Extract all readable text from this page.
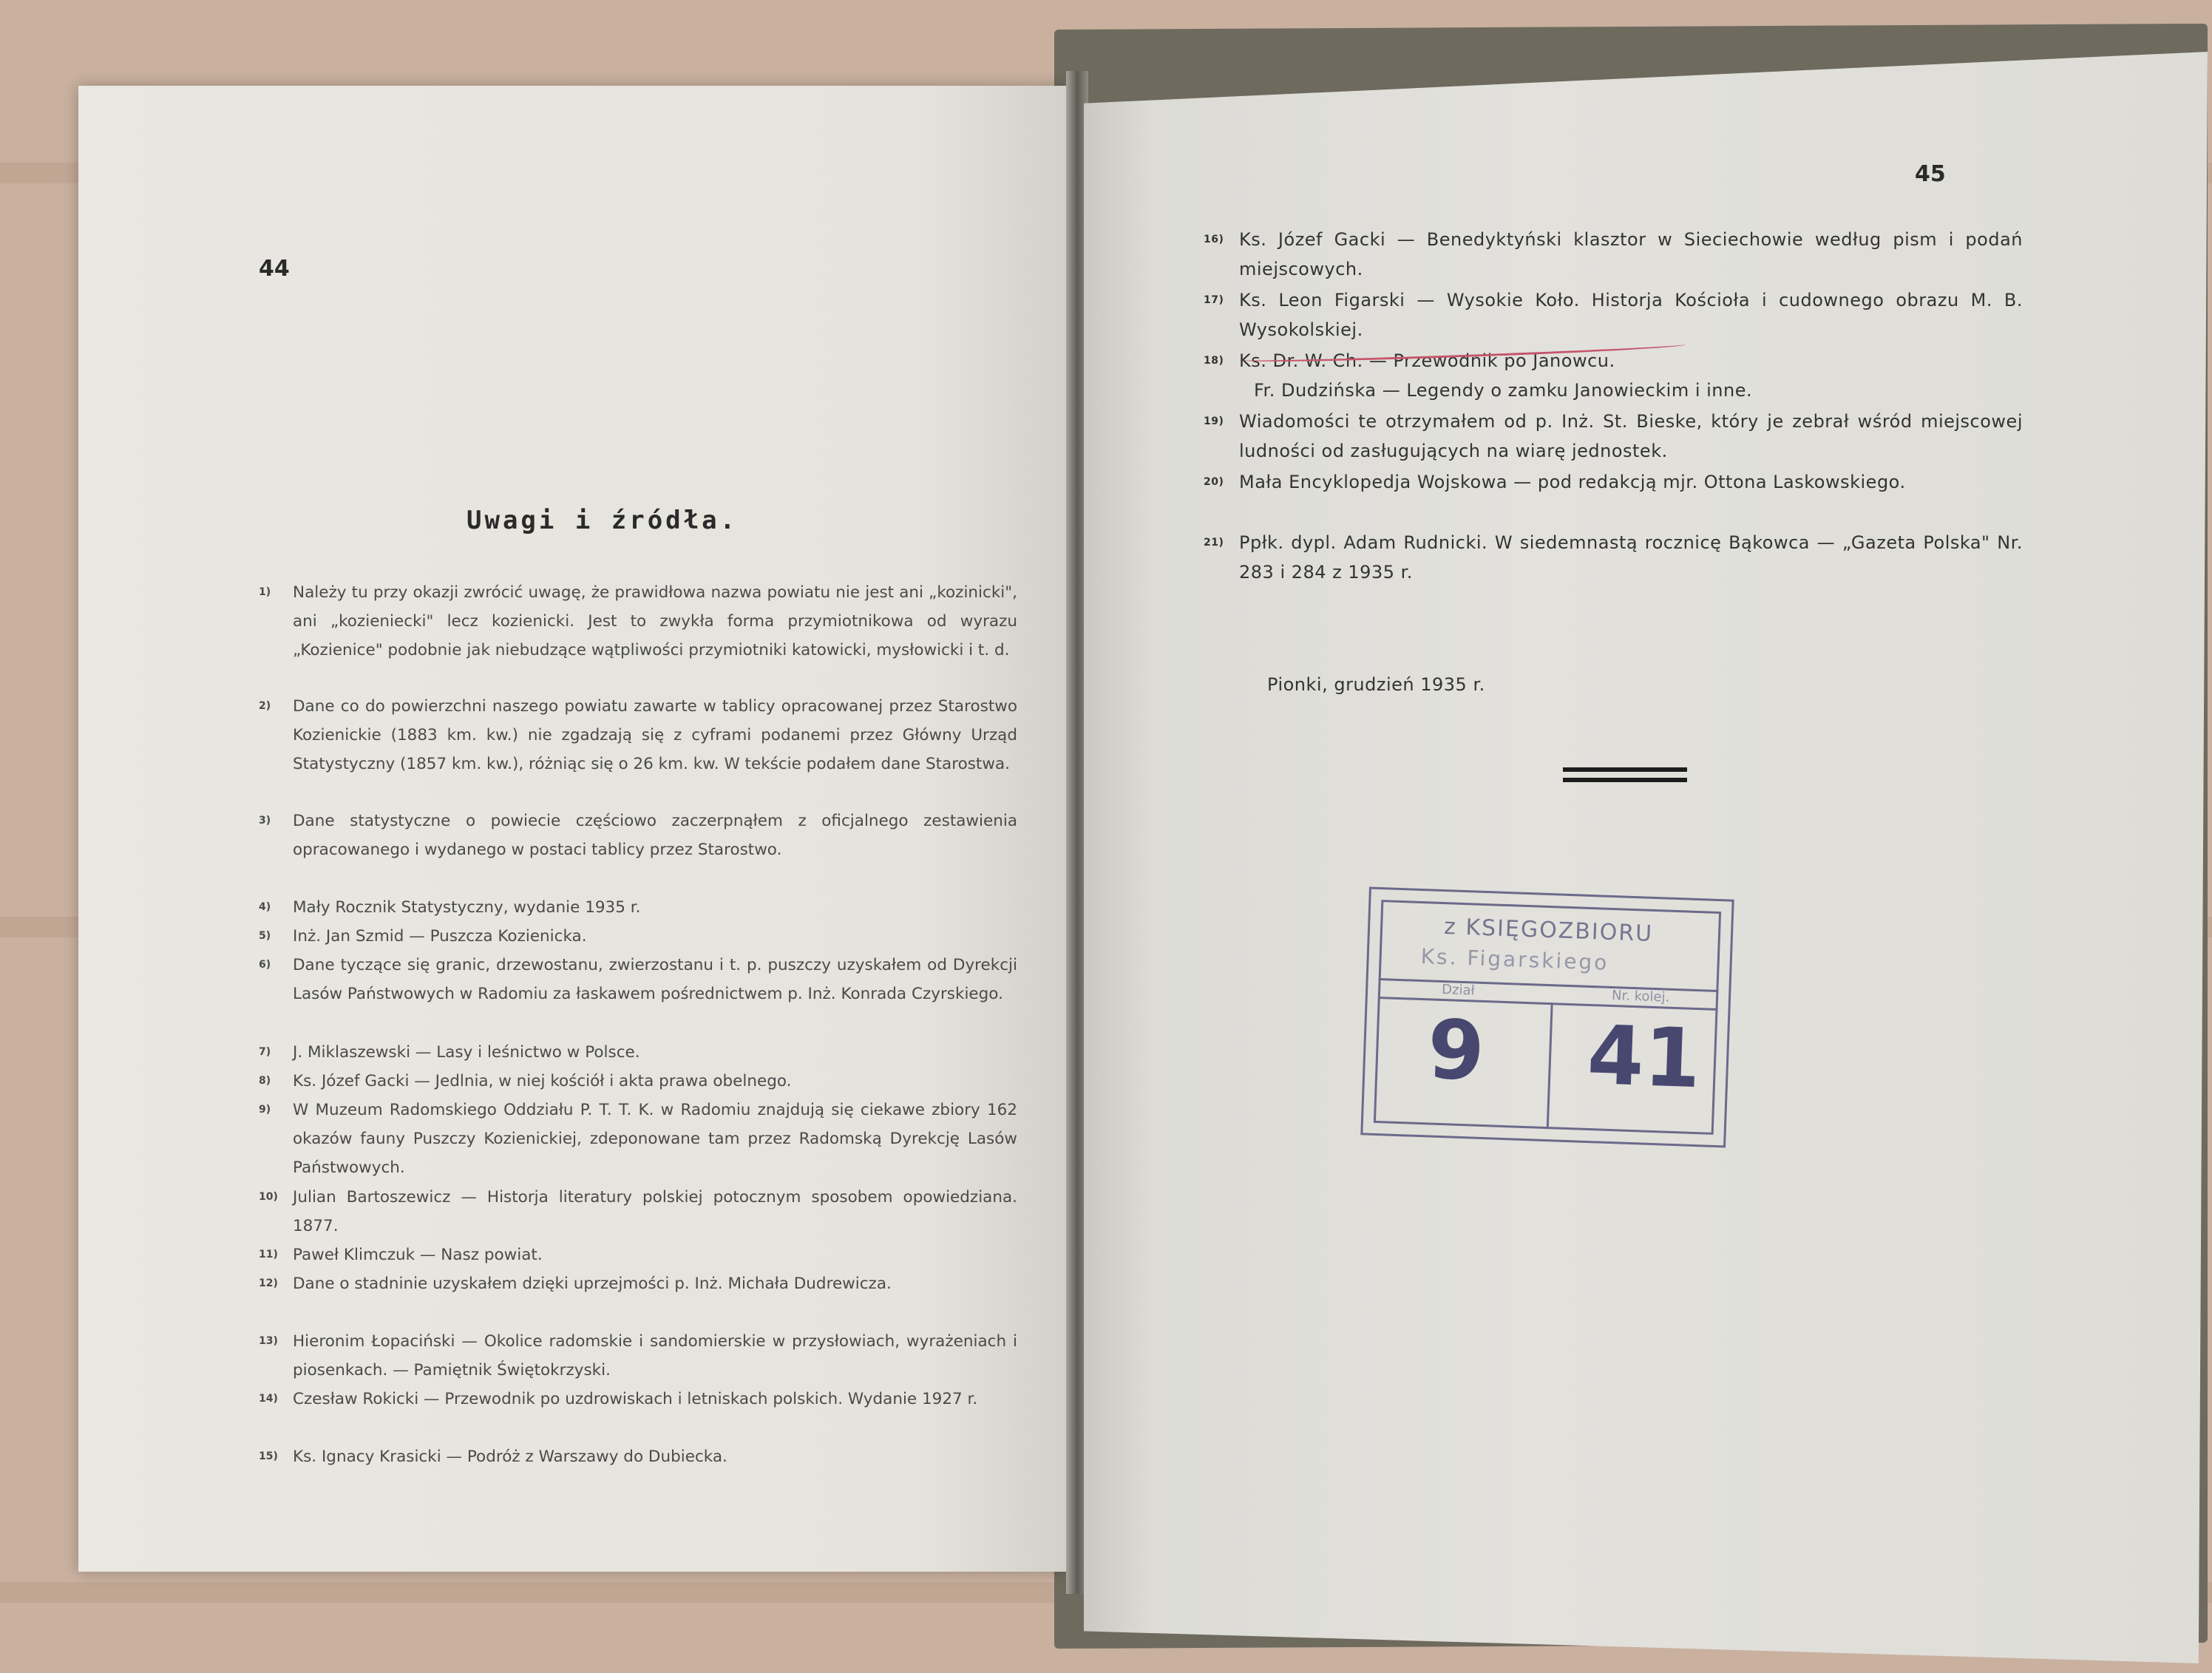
44
Uwagi i źródła.
1) Należy tu przy okazji zwrócić uwagę, że prawidłowa nazwa powiatu nie jest ani „kozinicki", ani „kozieniecki" lecz kozienicki. Jest to zwykła forma przymiotnikowa od wyrazu „Kozienice" podobnie jak niebudzące wątpliwości przymiotniki katowicki, mysłowicki i t. d.

2) Dane co do powierzchni naszego powiatu zawarte w tablicy opracowanej przez Starostwo Kozienickie (1883 km. kw.) nie zgadzają się z cyframi podanemi przez Główny Urząd Statystyczny (1857 km. kw.), różniąc się o 26 km. kw. W tekście podałem dane Starostwa.

3) Dane statystyczne o powiecie częściowo zaczerpnąłem z oficjalnego zestawienia opracowanego i wydanego w postaci tablicy przez Starostwo.

4) Mały Rocznik Statystyczny, wydanie 1935 r.

5) Inż. Jan Szmid — Puszcza Kozienicka.

6) Dane tyczące się granic, drzewostanu, zwierzostanu i t. p. puszczy uzyskałem od Dyrekcji Lasów Państwowych w Radomiu za łaskawem pośrednictwem p. Inż. Konrada Czyrskiego.

7) J. Miklaszewski — Lasy i leśnictwo w Polsce.

8) Ks. Józef Gacki — Jedlnia, w niej kościół i akta prawa obelnego.

9) W Muzeum Radomskiego Oddziału P. T. T. K. w Radomiu znajdują się ciekawe zbiory 162 okazów fauny Puszczy Kozienickiej, zdeponowane tam przez Radomską Dyrekcję Lasów Państwowych.

10) Julian Bartoszewicz — Historja literatury polskiej potocznym sposobem opowiedziana. 1877.

11) Paweł Klimczuk — Nasz powiat.

12) Dane o stadninie uzyskałem dzięki uprzejmości p. Inż. Michała Dudrewicza.

13) Hieronim Łopaciński — Okolice radomskie i sandomierskie w przysłowiach, wyrażeniach i piosenkach. — Pamiętnik Świętokrzyski.

14) Czesław Rokicki — Przewodnik po uzdrowiskach i letniskach polskich. Wydanie 1927 r.

15) Ks. Ignacy Krasicki — Podróż z Warszawy do Dubiecka.

45
16) Ks. Józef Gacki — Benedyktyński klasztor w Sieciechowie według pism i podań miejscowych.

17) Ks. Leon Figarski — Wysokie Koło. Historja Kościoła i cudownego obrazu M. B. Wysokolskiej.

18) Ks. Dr. W. Ch. — Przewodnik po Janowcu.

Fr. Dudzińska — Legendy o zamku Janowieckim i inne.

19) Wiadomości te otrzymałem od p. Inż. St. Bieske, który je zebrał wśród miejscowej ludności od zasługujących na wiarę jednostek.

20) Mała Encyklopedja Wojskowa — pod redakcją mjr. Ottona Laskowskiego.

21) Ppłk. dypl. Adam Rudnicki. W siedemnastą rocznicę Bąkowca — „Gazeta Polska" Nr. 283 i 284 z 1935 r.

Pionki, grudzień 1935 r.
z KSIĘGOZBIORU
Ks. Figarskiego
Dział	Nr. kolej.
9 41
